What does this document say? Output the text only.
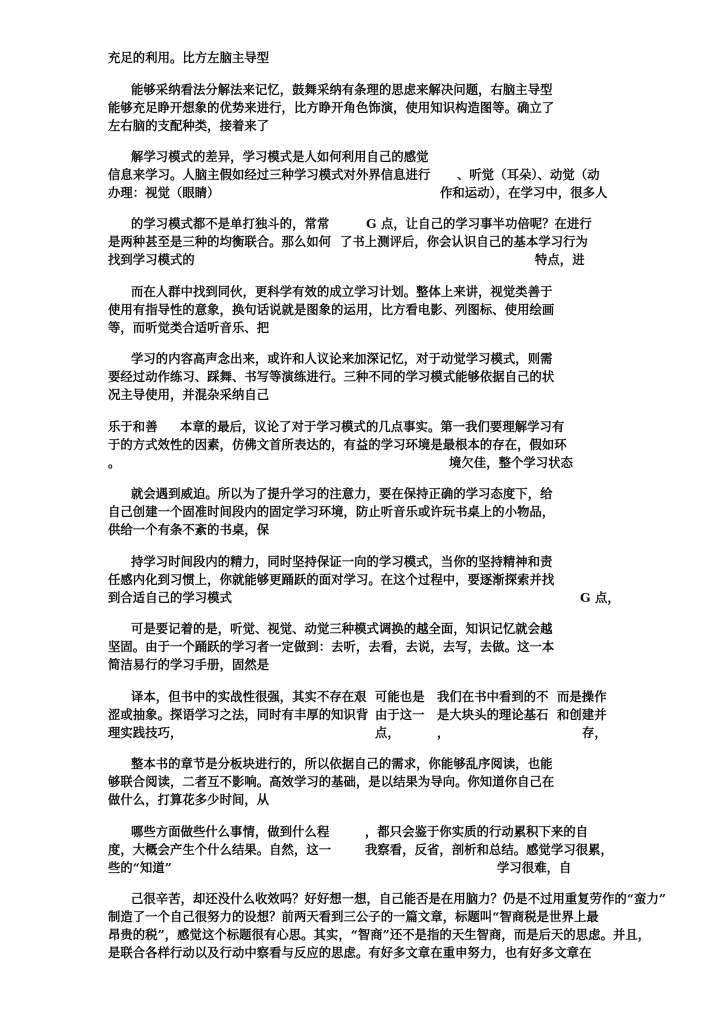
充足的利用。比方左脑主导型
能够采纳看法分解法来记忆，鼓舞采纳有条理的思虑来解决问题，右脑主导型
能够充足睁开想象的优势来进行，比方睁开角色饰演，使用知识构造图等。确立了
左右脑的支配种类，接着来了
解学习模式的差异，学习模式是人如何利用自己的感觉
信息来学习。人脑主假如经过三种学习模式对外界信息进行 、听觉（耳朵）、动觉（动
办理：视觉（眼睛）	作和运动），在学习中，很多人
的学习模式都不是单打独斗的，常常	G 点，让自己的学习事半功倍呢？在进行
是两种甚至是三种的均衡联合。那么如何 了书上测评后，你会认识自己的基本学习行为
找到学习模式的	特点，进
而在人群中找到同伙，更科学有效的成立学习计划。整体上来讲，视觉类善于
使用有指导性的意象，换句话说就是图象的运用，比方看电影、列图标、使用绘画
等，而听觉类合适听音乐、把
学习的内容高声念出来，或许和人议论来加深记忆，对于动觉学习模式，则需
要经过动作练习、踩舞、书写等演练进行。三种不同的学习模式能够依据自己的状
况主导使用，并混杂采纳自己
乐于和善 本章的最后，议论了对于学习模式的几点事实。第一我们要理解学习有
于的方式效性的因素，仿佛文首所表达的，有益的学习环境是最根本的存在，假如环
。	境欠佳，整个学习状态
就会遇到威迫。所以为了提升学习的注意力，要在保持正确的学习态度下，给
自己创建一个固准时间段内的固定学习环境，防止听音乐或许玩书桌上的小物品，
供给一个有条不紊的书桌，保
持学习时间段内的精力，同时坚持保证一向的学习模式，当你的坚持精神和责
任感内化到习惯上，你就能够更踊跃的面对学习。在这个过程中，要逐渐探索并找
到合适自己的学习模式	G 点，
可是要记着的是，听觉、视觉、动觉三种模式调换的越全面，知识记忆就会越
坚固。由于一个踊跃的学习者一定做到：去听，去看，去说，去写，去做。这一本
简洁易行的学习手册，固然是
译本，但书中的实战性很强，其实不存在艰 可能也是 我们在书中看到的不 而是操作
涩或抽象。探语学习之法，同时有丰厚的知识背 由于这一 是大块头的理论基石 和创建并
理实践技巧，	点，	，	存，
整本书的章节是分板块进行的，所以依据自己的需求，你能够乱序阅读，也能
够联合阅读，二者互不影响。高效学习的基础，是以结果为导向。你知道你自己在
做什么，打算花多少时间，从
哪些方面做些什么事情，做到什么程	，都只会鉴于你实质的行动累积下来的自
度，大概会产生个什么结果。自然，这一	我察看，反省，剖析和总结。感觉学习很累，
些的“知道”	学习很难，自
己很辛苦，却还没什么收效吗？好好想一想，自己能否是在用脑力？仍是不过用重复劳作的“蛮力”
制造了一个自己很努力的设想？前两天看到三公子的一篇文章，标题叫“智商税是世界上最
昂贵的税”，感觉这个标题很有心思。其实，“智商”还不是指的天生智商，而是后天的思虑。并且，
是联合各样行动以及行动中察看与反应的思虑。有好多文章在重申努力，也有好多文章在
